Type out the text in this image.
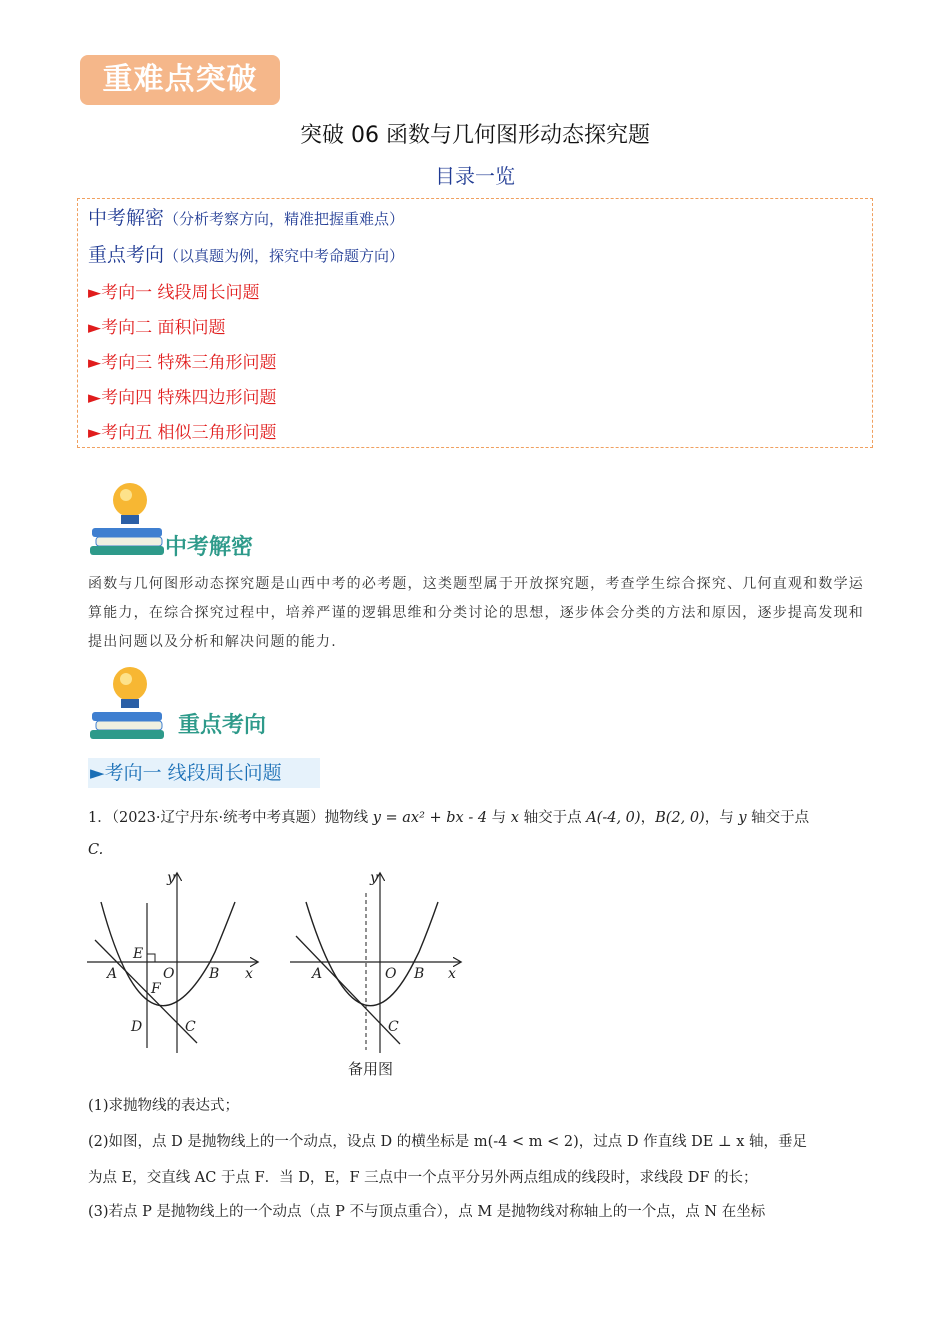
重难点突破
突破 06 函数与几何图形动态探究题
目录一览
中考解密（分析考察方向，精准把握重难点）
重点考向（以真题为例，探究中考命题方向）
►考向一 线段周长问题
►考向二 面积问题
►考向三 特殊三角形问题
►考向四 特殊四边形问题
►考向五 相似三角形问题
中考解密
函数与几何图形动态探究题是山西中考的必考题，这类题型属于开放探究题，考查学生综合探究、几何直观和数学运算能力，在综合探究过程中，培养严谨的逻辑思维和分类讨论的思想，逐步体会分类的方法和原因，逐步提高发现和提出问题以及分析和解决问题的能力.
重点考向
►考向一 线段周长问题
1．（2023·辽宁丹东·统考中考真题）抛物线 y = ax² + bx - 4 与 x 轴交于点 A(-4, 0)，B(2, 0)，与 y 轴交于点
C.
y
x
A	B
O
C
D
E
F
y
x
A	B
O
C
备用图
(1)求抛物线的表达式；
(2)如图，点 D 是抛物线上的一个动点，设点 D 的横坐标是 m(-4 < m < 2)，过点 D 作直线 DE ⊥ x 轴，垂足
为点 E，交直线 AC 于点 F．当 D，E，F 三点中一个点平分另外两点组成的线段时，求线段 DF 的长；
(3)若点 P 是抛物线上的一个动点（点 P 不与顶点重合），点 M 是抛物线对称轴上的一个点，点 N 在坐标
